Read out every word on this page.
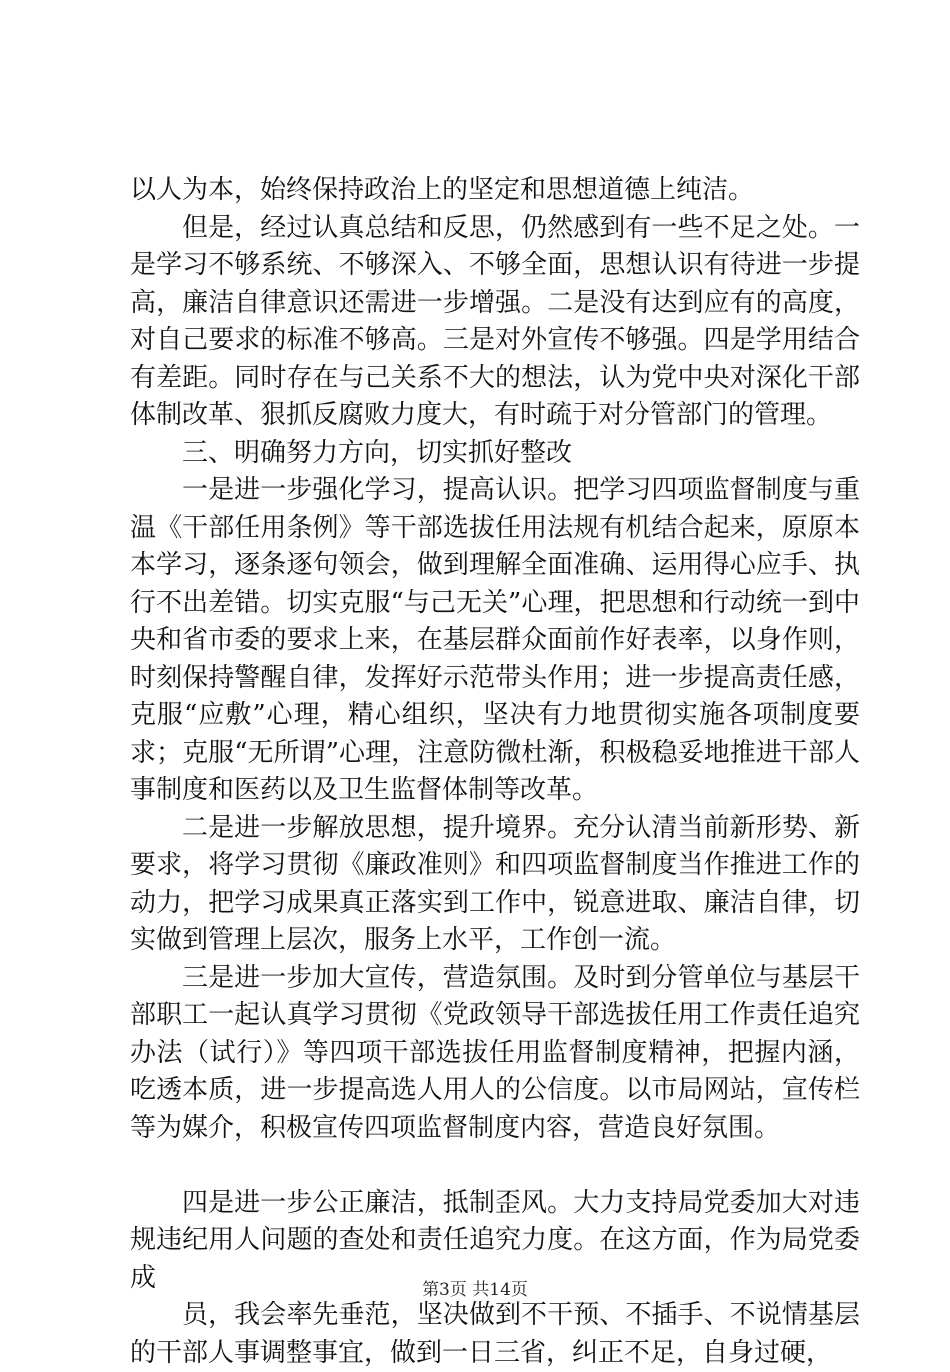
以人为本，始终保持政治上的坚定和思想道德上纯洁。

但是，经过认真总结和反思，仍然感到有一些不足之处。一是学习不够系统、不够深入、不够全面，思想认识有待进一步提高，廉洁自律意识还需进一步增强。二是没有达到应有的高度，对自己要求的标准不够高。三是对外宣传不够强。四是学用结合有差距。同时存在与己关系不大的想法，认为党中央对深化干部体制改革、狠抓反腐败力度大，有时疏于对分管部门的管理。

三、明确努力方向，切实抓好整改

一是进一步强化学习，提高认识。把学习四项监督制度与重温《干部任用条例》等干部选拔任用法规有机结合起来，原原本本学习，逐条逐句领会，做到理解全面准确、运用得心应手、执行不出差错。切实克服“与己无关”心理，把思想和行动统一到中央和省市委的要求上来，在基层群众面前作好表率，以身作则，时刻保持警醒自律，发挥好示范带头作用；进一步提高责任感，克服“应敷”心理，精心组织，坚决有力地贯彻实施各项制度要求；克服“无所谓”心理，注意防微杜渐，积极稳妥地推进干部人事制度和医药以及卫生监督体制等改革。

二是进一步解放思想，提升境界。充分认清当前新形势、新要求，将学习贯彻《廉政准则》和四项监督制度当作推进工作的动力，把学习成果真正落实到工作中，锐意进取、廉洁自律，切实做到管理上层次，服务上水平，工作创一流。

三是进一步加大宣传，营造氛围。及时到分管单位与基层干部职工一起认真学习贯彻《党政领导干部选拔任用工作责任追究办法（试行）》等四项干部选拔任用监督制度精神，把握内涵，吃透本质，进一步提高选人用人的公信度。以市局网站，宣传栏等为媒介，积极宣传四项监督制度内容，营造良好氛围。

四是进一步公正廉洁，抵制歪风。大力支持局党委加大对违规违纪用人问题的查处和责任追究力度。在这方面，作为局党委成

员，我会率先垂范，坚决做到不干预、不插手、不说情基层的干部人事调整事宜，做到一日三省，纠正不足，自身过硬，

第3页 共14页
